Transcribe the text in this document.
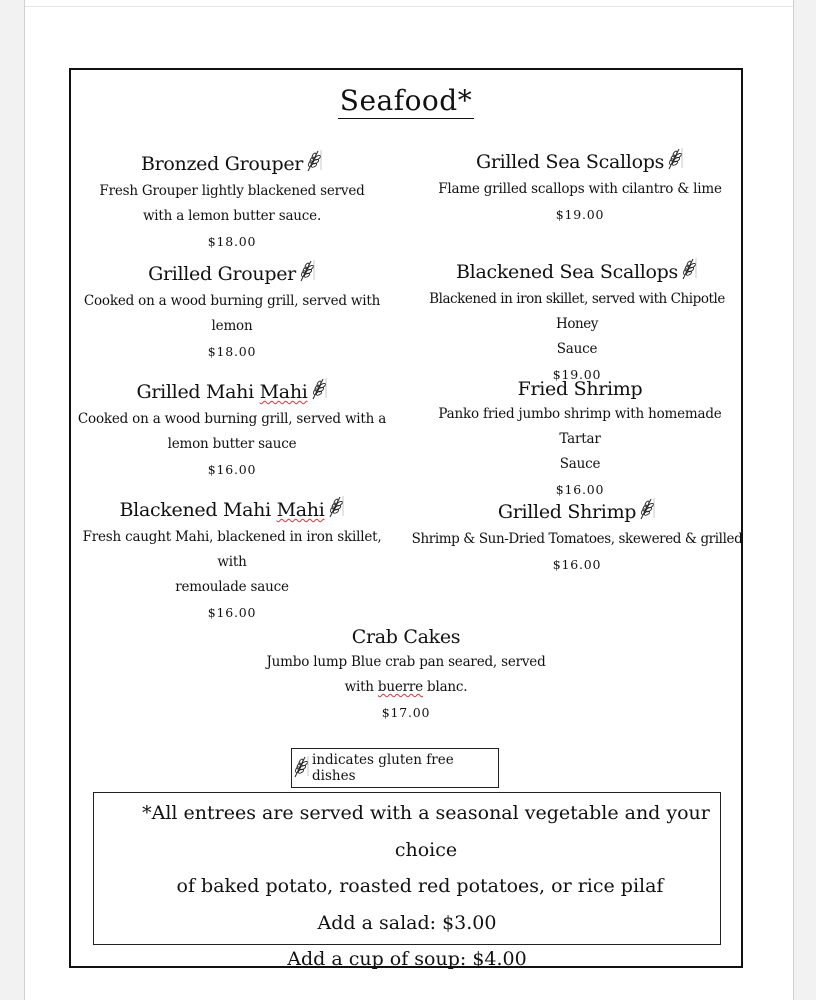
Seafood*
Bronzed Grouper
Fresh Grouper lightly blackened served
with a lemon butter sauce.
$18.00
Grilled Sea Scallops
Flame grilled scallops with cilantro & lime
$19.00
Grilled Grouper
Cooked on a wood burning grill, served with
lemon
$18.00
Blackened Sea Scallops
Blackened in iron skillet, served with Chipotle Honey
Sauce
$19.00
Grilled Mahi Mahi
Cooked on a wood burning grill, served with a
lemon butter sauce
$16.00
Fried Shrimp
Panko fried jumbo shrimp with homemade Tartar
Sauce
$16.00
Blackened Mahi Mahi
Fresh caught Mahi, blackened in iron skillet, with
remoulade sauce
$16.00
Grilled Shrimp
Shrimp & Sun-Dried Tomatoes, skewered & grilled
$16.00
Crab Cakes
Jumbo lump Blue crab pan seared, served
with buerre blanc.
$17.00
indicates gluten free dishes
*All entrees are served with a seasonal vegetable and your choice
of baked potato, roasted red potatoes, or rice pilaf
Add a salad: $3.00
Add a cup of soup: $4.00
